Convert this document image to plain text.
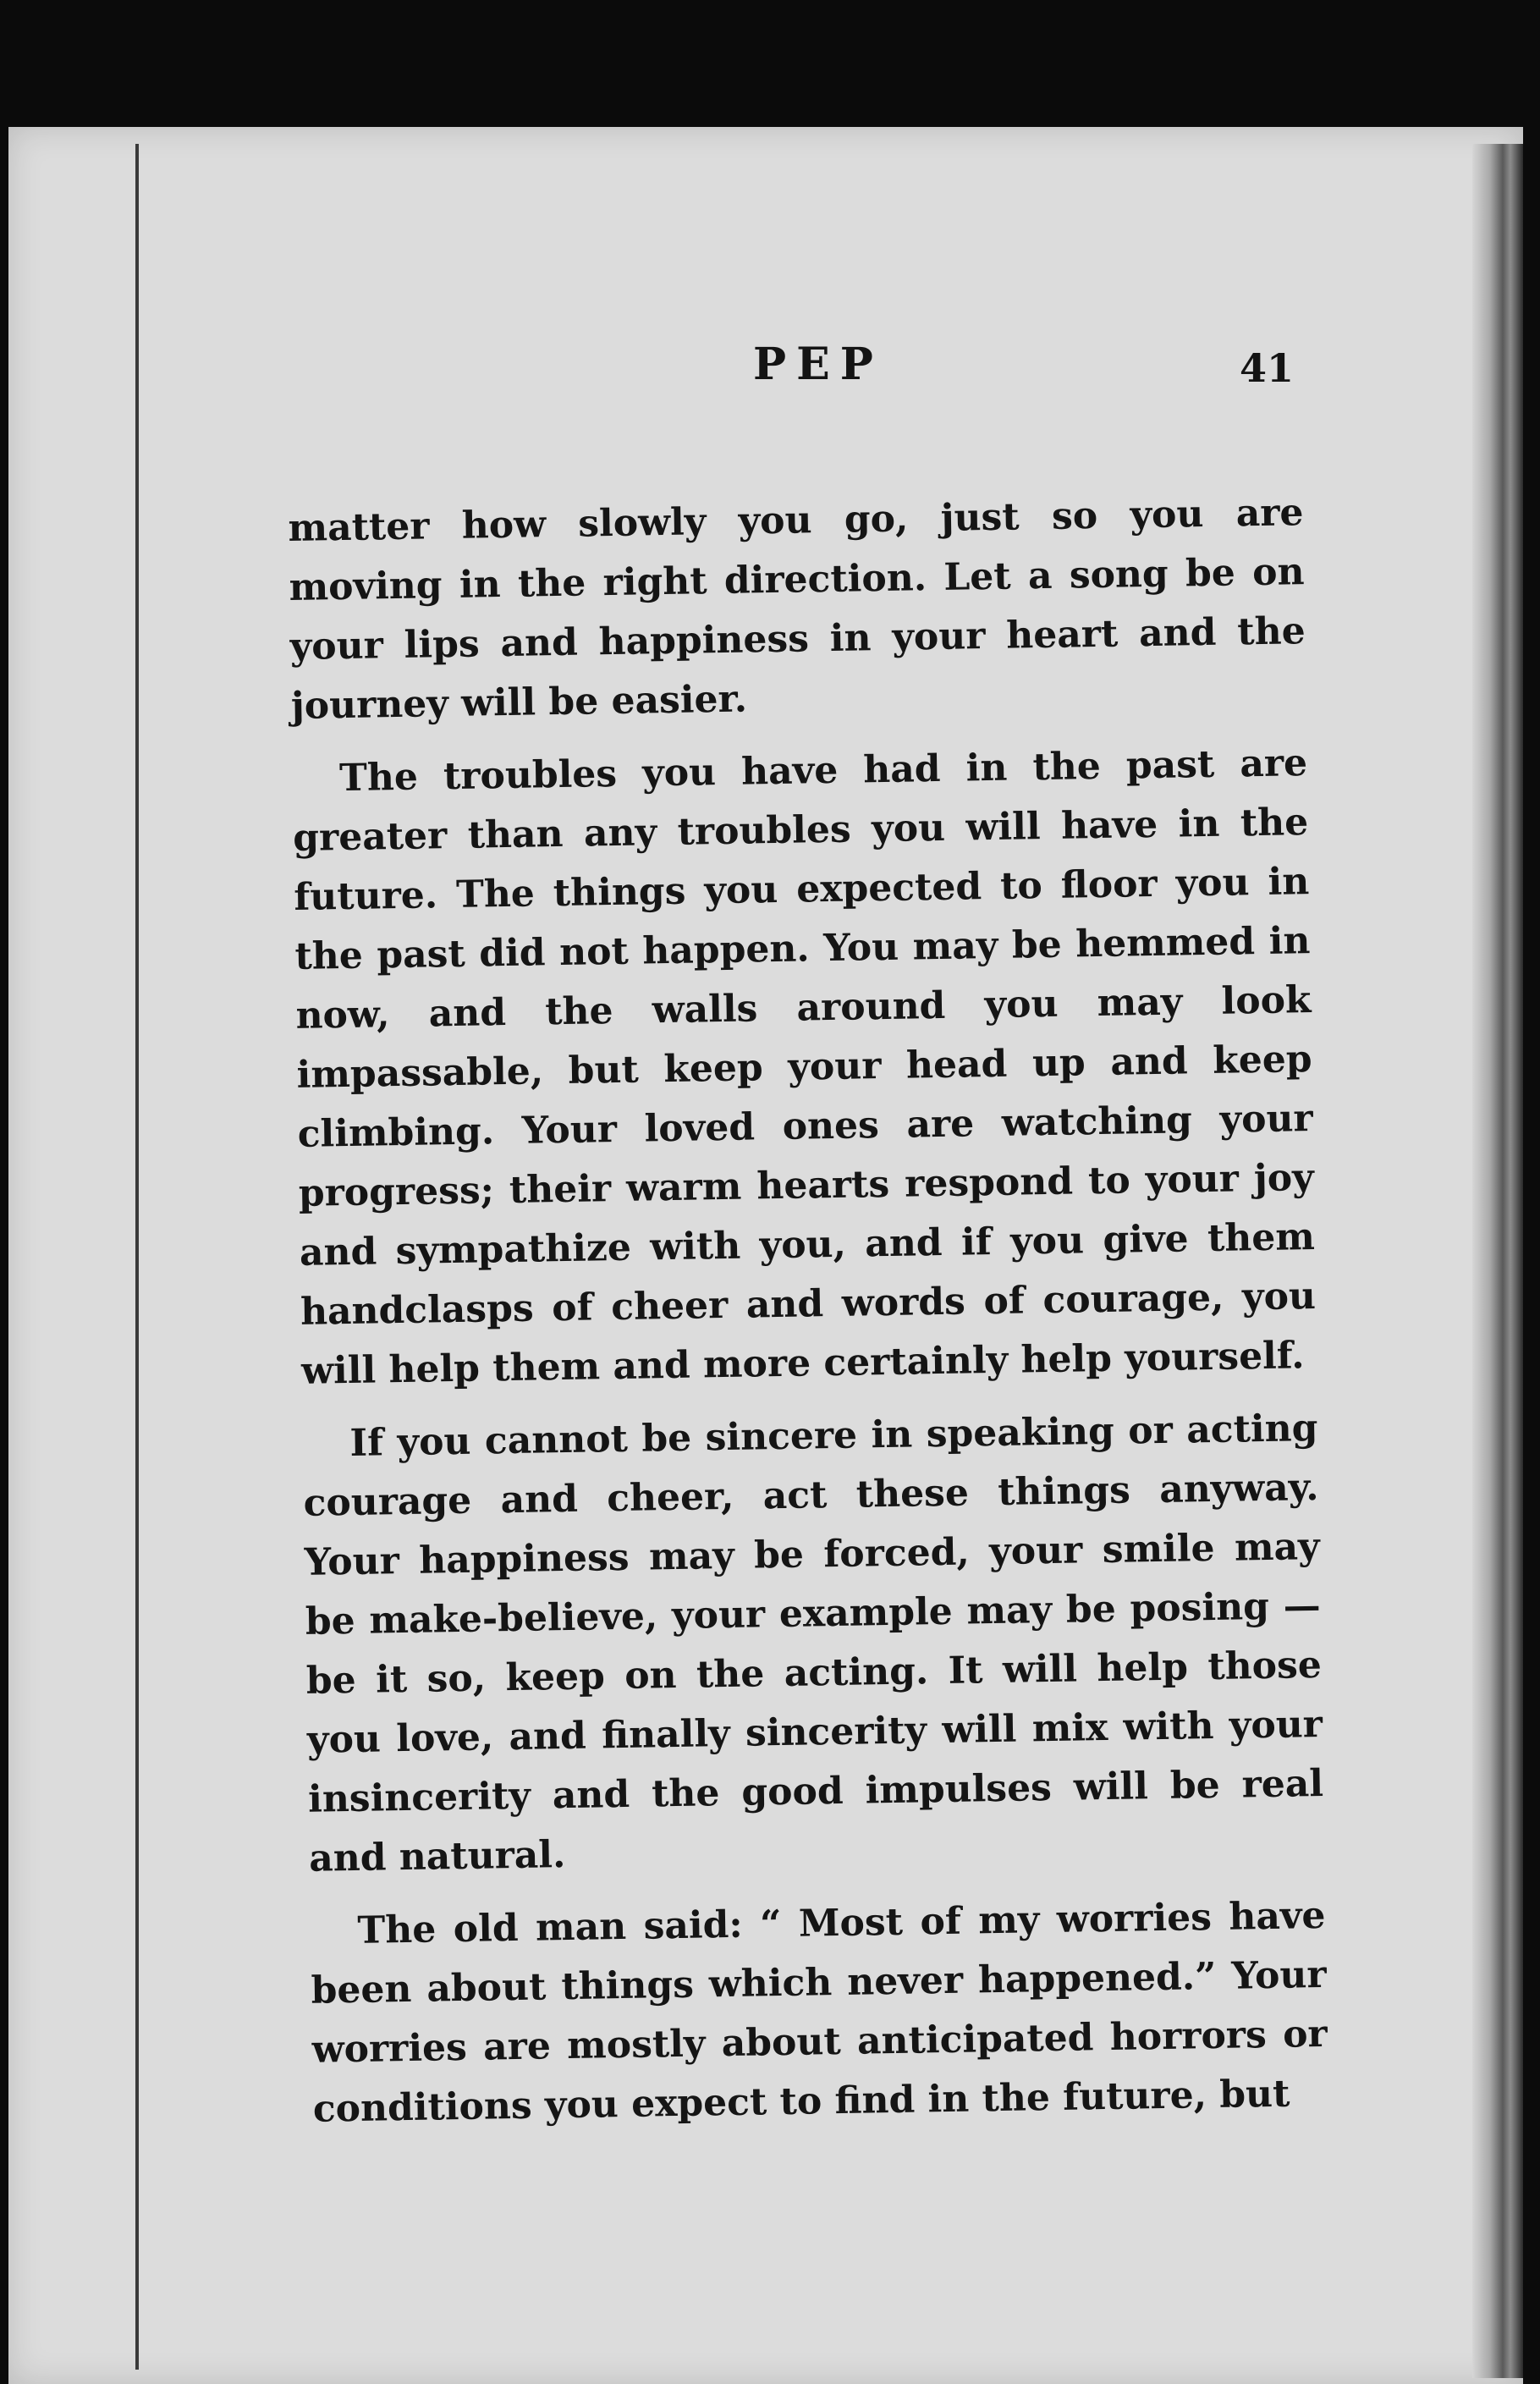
PEP	41

matter how slowly you go, just so you are moving in the right direction. Let a song be on your lips and happiness in your heart and the journey will be easier.

The troubles you have had in the past are greater than any troubles you will have in the future. The things you expected to floor you in the past did not happen. You may be hemmed in now, and the walls around you may look impassable, but keep your head up and keep climbing. Your loved ones are watching your progress; their warm hearts respond to your joy and sympathize with you, and if you give them handclasps of cheer and words of courage, you will help them and more certainly help yourself.

If you cannot be sincere in speaking or acting courage and cheer, act these things anyway. Your happiness may be forced, your smile may be make-believe, your example may be posing — be it so, keep on the acting. It will help those you love, and finally sincerity will mix with your insincerity and the good impulses will be real and natural.

The old man said: “ Most of my worries have been about things which never happened.” Your worries are mostly about anticipated horrors or conditions you expect to find in the future, but
